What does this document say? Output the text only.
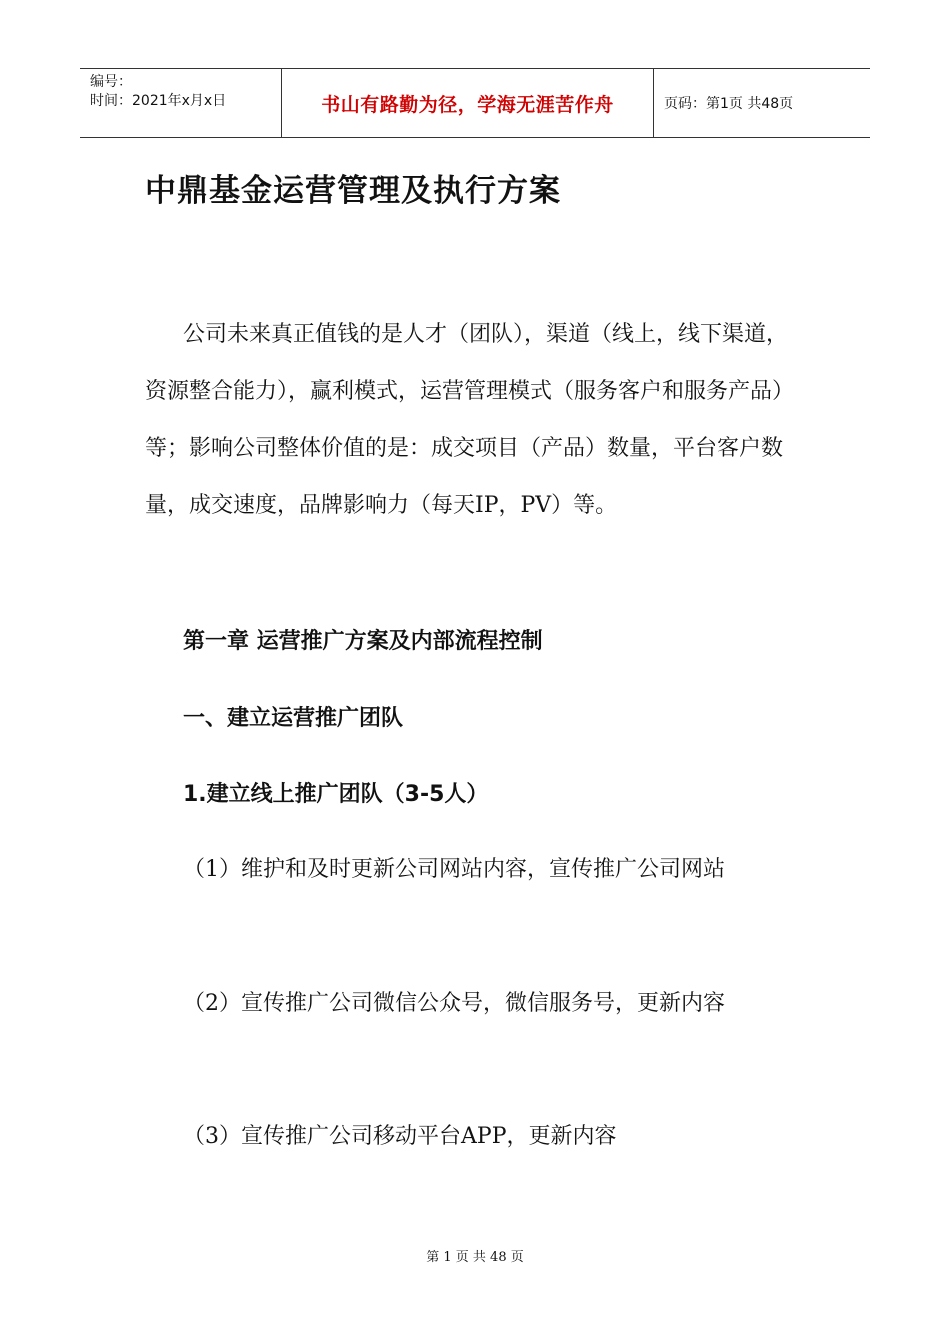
编号：
时间：2021年x月x日	书山有路勤为径，学海无涯苦作舟	页码：第1页 共48页
中鼎基金运营管理及执行方案

公司未来真正值钱的是人才（团队），渠道（线上，线下渠道，资源整合能力），赢利模式，运营管理模式（服务客户和服务产品）等；影响公司整体价值的是：成交项目（产品）数量，平台客户数量，成交速度，品牌影响力（每天IP，PV）等。

第一章 运营推广方案及内部流程控制
一、建立运营推广团队
1.建立线上推广团队（3-5人）

（1）维护和及时更新公司网站内容，宣传推广公司网站

（2）宣传推广公司微信公众号，微信服务号，更新内容

（3）宣传推广公司移动平台APP，更新内容

第 1 页 共 48 页
